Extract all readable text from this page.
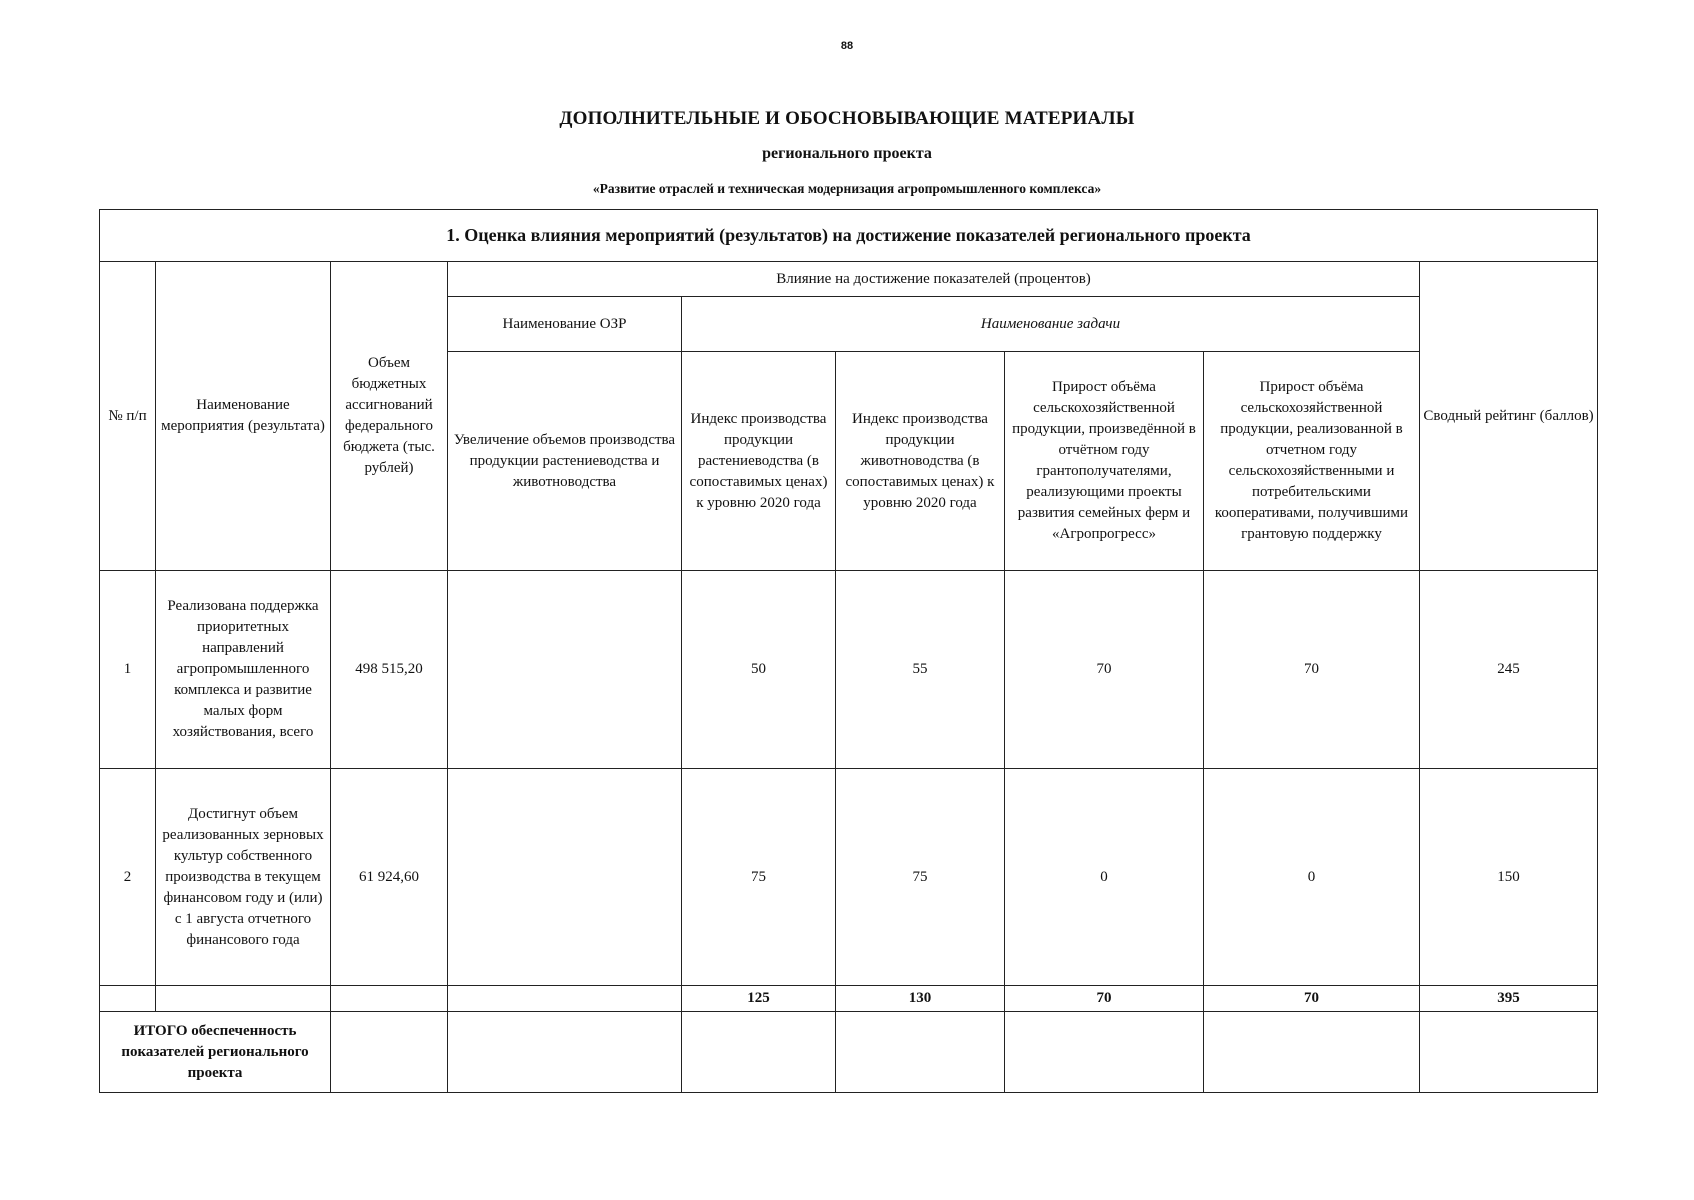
88
ДОПОЛНИТЕЛЬНЫЕ И ОБОСНОВЫВАЮЩИЕ МАТЕРИАЛЫ
регионального проекта
«Развитие отраслей и техническая модернизация агропромышленного комплекса»
1. Оценка влияния мероприятий (результатов) на достижение показателей регионального проекта								
№ п/п	Наименование мероприятия (результата)	Объем бюджетных ассигнований федерального бюджета (тыс. рублей)	Влияние на достижение показателей (процентов)					Сводный рейтинг (баллов)
			Наименование ОЗР	Наименование задачи				
			Увеличение объемов производства продукции растениеводства и животноводства	Индекс производства продукции растениеводства (в сопоставимых ценах) к уровню 2020 года	Индекс производства продукции животноводства (в сопоставимых ценах) к уровню 2020 года	Прирост объёма сельскохозяйственной продукции, произведённой в отчётном году грантополучателями, реализующими проекты развития семейных ферм и «Агропрогресс»	Прирост объёма сельскохозяйственной продукции, реализованной в отчетном году сельскохозяйственными и потребительскими кооперативами, получившими грантовую поддержку	
1	Реализована поддержка приоритетных направлений агропромышленного комплекса и развитие малых форм хозяйствования, всего	498 515,20		50	55	70	70	245
2	Достигнут объем реализованных зерновых культур собственного производства в текущем финансовом году и (или) с 1 августа отчетного финансового года	61 924,60		75	75	0	0	150
				125	130	70	70	395
ИТОГО обеспеченность показателей регионального проекта								
